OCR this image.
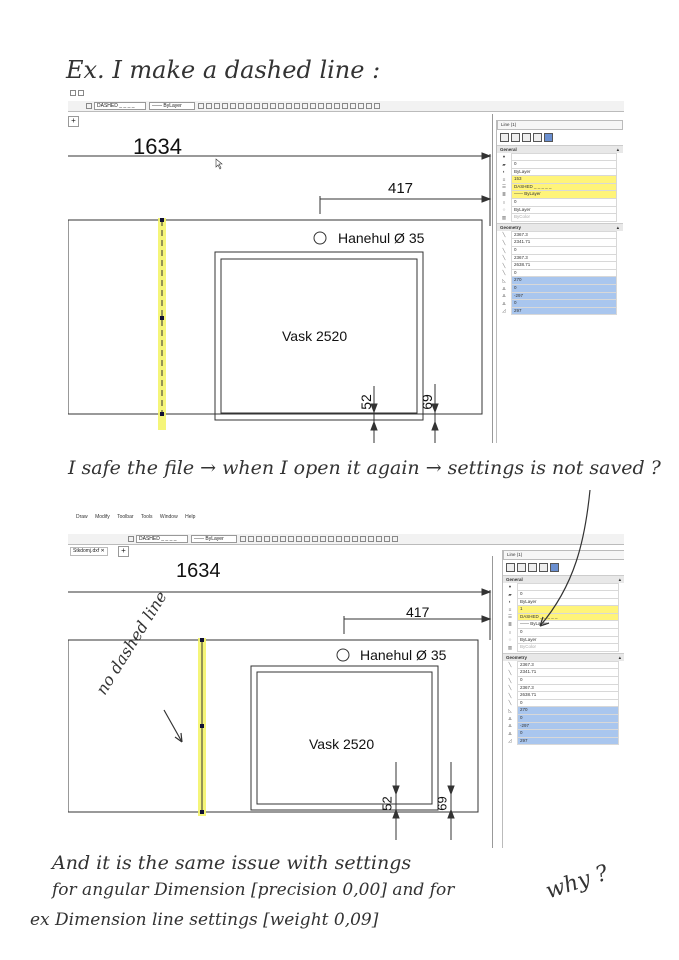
Ex. I make a dashed line :
I safe the file → when I open it again → settings is not saved ?
And it is the same issue with settings
for angular Dimension [precision 0,00] and for
ex Dimension line settings [weight 0,09]
why ?
DASHED _ _ _ _	—— ByLayer
+
1634
417
Hanehul Ø 35
Vask 2520
52	69
Line (1)
General ▴
●
▰	0
◐	ByLayer
≡	153
☰	DASHED _ _ _ _ _
≣	—— ByLayer
I	0
⁘	ByLayer
▥	ByColor
Geometry ▴
╲	2367.3
╲	2341.71
╲	0
╲	2367.3
╲	2638.71
╲	0
◺	270
Δ	0
Δ	-297
Δ	0
◿	297
Draw Modify Toolbar Tools Window Help
DASHED _ _ _ _	—— ByLayer
Stkdomj.dxf ✕	+
1634
417
Hanehul Ø 35
Vask 2520
52	69
Line (1)
General ▴
●
▰	0
◐	ByLayer
≡	1
☰	DASHED _ _ _ _ _
≣	—— ByLayer
I	0
⁘	ByLayer
▥	ByColor
Geometry ▴
╲	2367.3
╲	2341.71
╲	0
╲	2367.3
╲	2638.71
╲	0
◺	270
Δ	0
Δ	-297
Δ	0
◿	297
no dashed line
